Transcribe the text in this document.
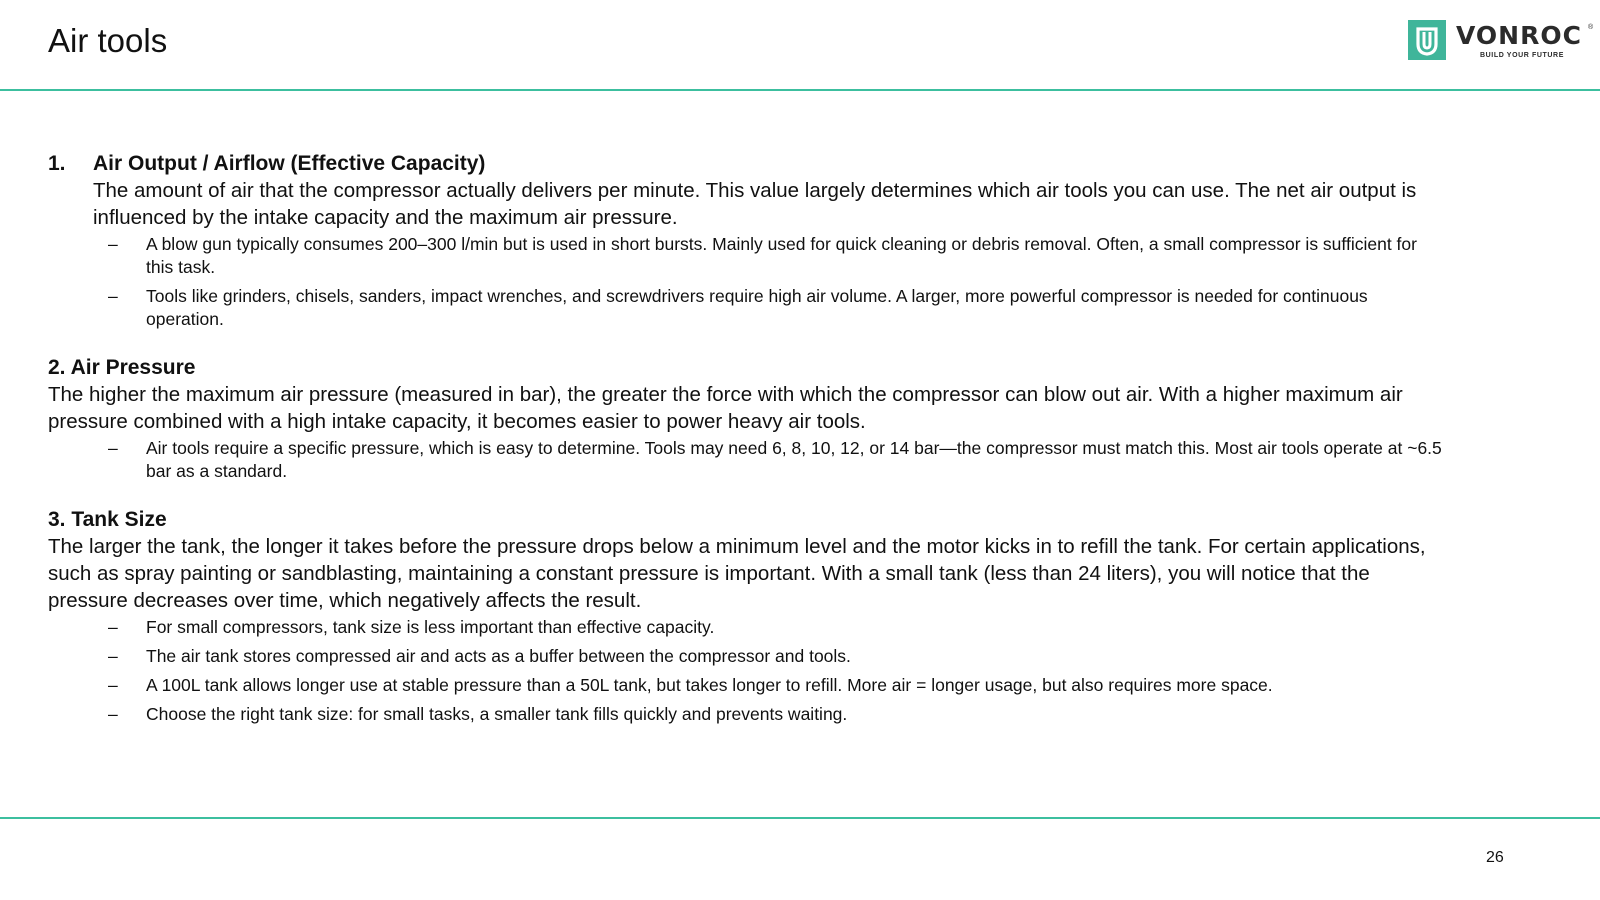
Air tools	VONROC ®
BUILD YOUR FUTURE
1. Air Output / Airflow (Effective Capacity)
The amount of air that the compressor actually delivers per minute. This value largely determines which air tools you can use. The net air output is influenced by the intake capacity and the maximum air pressure.
– A blow gun typically consumes 200–300 l/min but is used in short bursts. Mainly used for quick cleaning or debris removal. Often, a small compressor is sufficient for this task.
– Tools like grinders, chisels, sanders, impact wrenches, and screwdrivers require high air volume. A larger, more powerful compressor is needed for continuous operation.
2. Air Pressure
The higher the maximum air pressure (measured in bar), the greater the force with which the compressor can blow out air. With a higher maximum air pressure combined with a high intake capacity, it becomes easier to power heavy air tools.
– Air tools require a specific pressure, which is easy to determine. Tools may need 6, 8, 10, 12, or 14 bar—the compressor must match this. Most air tools operate at ~6.5 bar as a standard.
3. Tank Size
The larger the tank, the longer it takes before the pressure drops below a minimum level and the motor kicks in to refill the tank. For certain applications, such as spray painting or sandblasting, maintaining a constant pressure is important. With a small tank (less than 24 liters), you will notice that the pressure decreases over time, which negatively affects the result.
– For small compressors, tank size is less important than effective capacity.
– The air tank stores compressed air and acts as a buffer between the compressor and tools.
– A 100L tank allows longer use at stable pressure than a 50L tank, but takes longer to refill. More air = longer usage, but also requires more space.
– Choose the right tank size: for small tasks, a smaller tank fills quickly and prevents waiting.
26
